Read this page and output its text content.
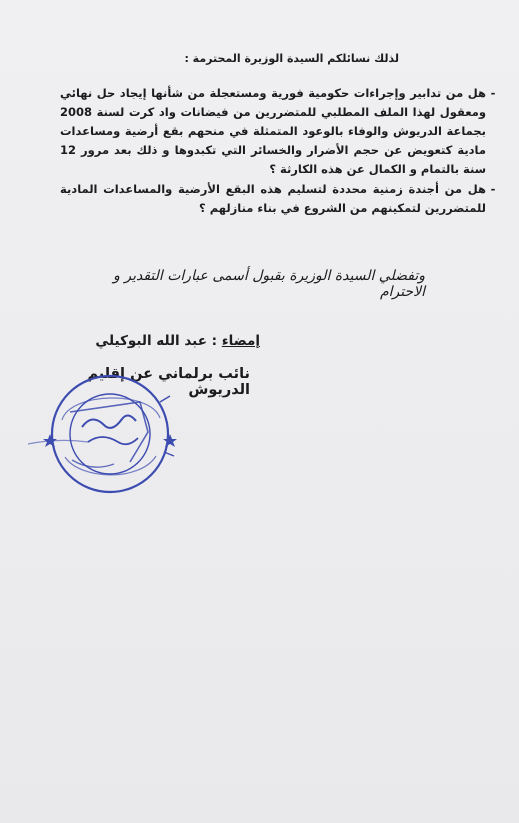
لذلك نسائلكم السيدة الوزيرة المحترمة :
-
هل من تدابير وإجراءات حكومية فورية ومستعجلة من شأنها إيجاد حل نهائي ومعقول لهذا الملف المطلبي للمتضررين من فيضانات واد كرت لسنة 2008 بجماعة الدريوش والوفاء بالوعود المتمثلة في منحهم بقع أرضية ومساعدات مادية كتعويض عن حجم الأضرار والخسائر التي تكبدوها و ذلك بعد مرور 12 سنة بالتمام و الكمال عن هذه الكارثة ؟
-
هل من أجندة زمنية محددة لتسليم هذه البقع الأرضية والمساعدات المادية للمتضررين لتمكينهم من الشروع في بناء منازلهم ؟
وتفضلي السيدة الوزيرة بقبول أسمى عبارات التقدير و الاحترام
إمضاء : عبد الله البوكيلي
نائب برلماني عن إقليم الدريوش
